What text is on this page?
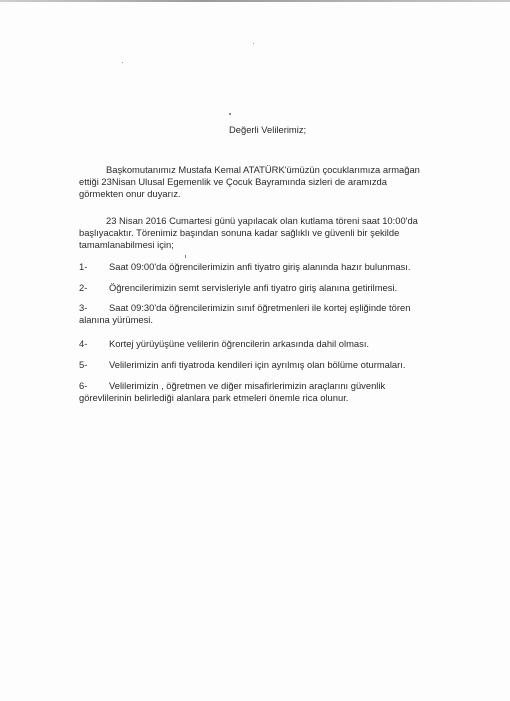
Değerli Velilerimiz;
Başkomutanımız Mustafa Kemal ATATÜRK'ümüzün çocuklarımıza armağan
ettiği 23Nisan Ulusal Egemenlik ve Çocuk Bayramında sizleri de aramızda
görmekten onur duyarız.
23 Nisan 2016 Cumartesi günü yapılacak olan kutlama töreni saat 10:00'da
başlıyacaktır. Törenimiz başından sonuna kadar sağlıklı ve güvenli bir şekilde
tamamlanabilmesi için;
1- Saat 09:00'da öğrencilerimizin anfi tiyatro giriş alanında hazır bulunması.
2- Öğrencilerimizin semt servisleriyle anfi tiyatro giriş alanına getirilmesi.
3- Saat 09:30'da öğrencilerimizin sınıf öğretmenleri ile kortej eşliğinde tören
alanına yürümesi.
4- Kortej yürüyüşüne velilerin öğrencilerin arkasında dahil olması.
5- Velilerimizin anfi tiyatroda kendileri için ayrılmış olan bölüme oturmaları.
6- Velilerimizin , öğretmen ve diğer misafirlerimizin araçlarını güvenlik
görevlilerinin belirlediği alanlara park etmeleri önemle rica olunur.
